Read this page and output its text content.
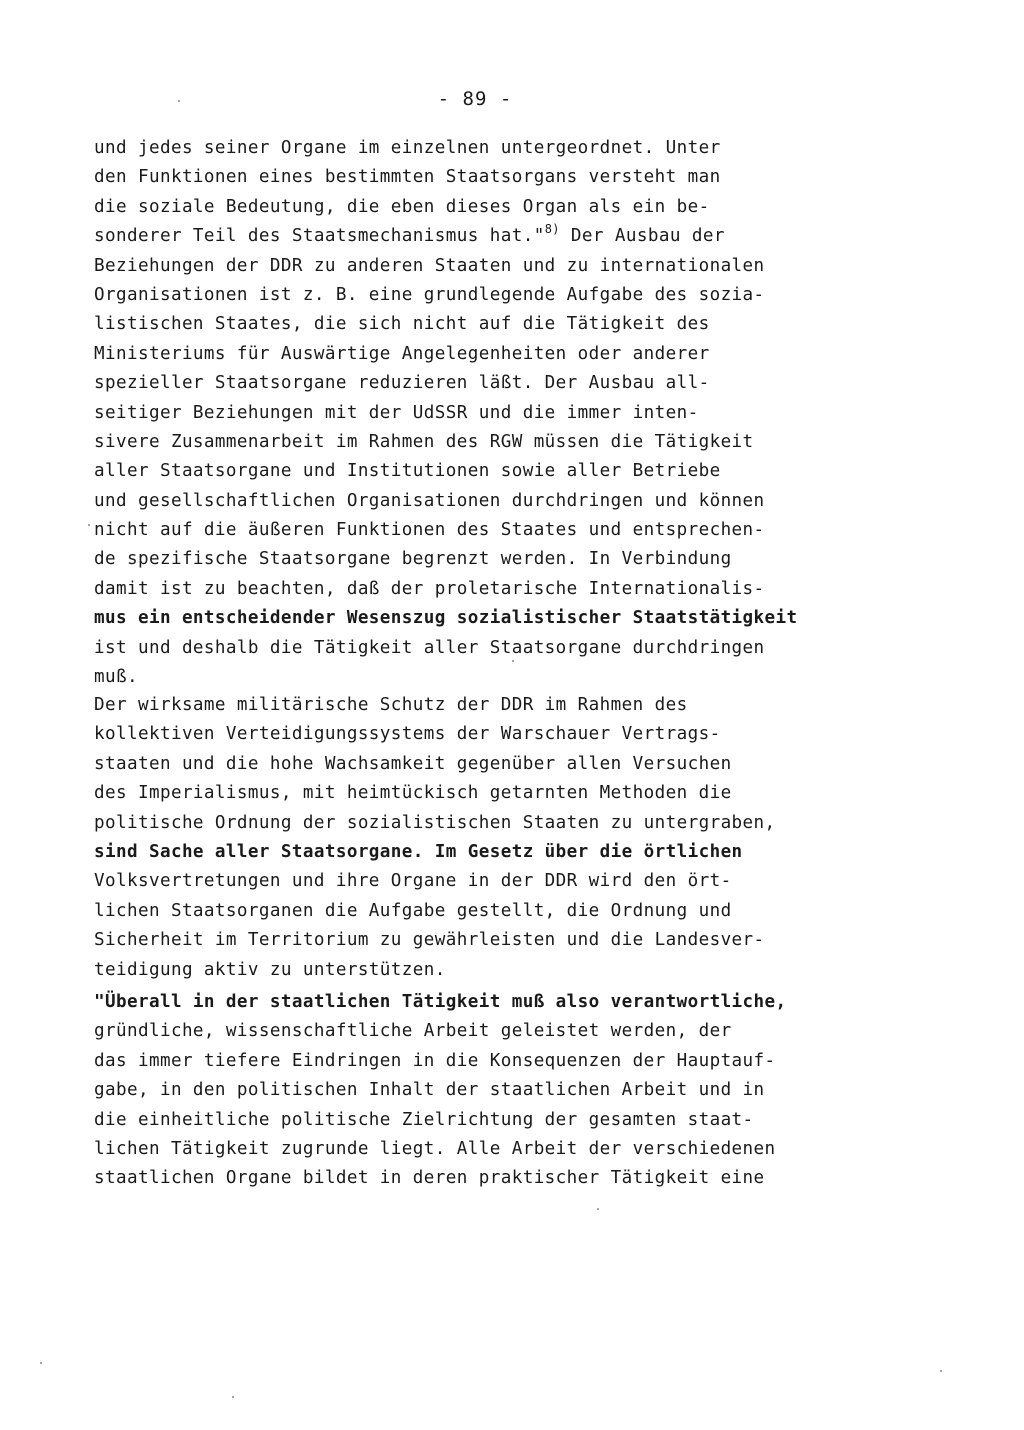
- 89 -
und jedes seiner Organe im einzelnen untergeordnet. Unter
den Funktionen eines bestimmten Staatsorgans versteht man
die soziale Bedeutung, die eben dieses Organ als ein be-
sonderer Teil des Staatsmechanismus hat."$^{8)}$ Der Ausbau der
Beziehungen der DDR zu anderen Staaten und zu internationalen
Organisationen ist z. B. eine grundlegende Aufgabe des sozia-
listischen Staates, die sich nicht auf die Tätigkeit des
Ministeriums für Auswärtige Angelegenheiten oder anderer
spezieller Staatsorgane reduzieren läßt. Der Ausbau all-
seitiger Beziehungen mit der UdSSR und die immer inten-
sivere Zusammenarbeit im Rahmen des RGW müssen die Tätigkeit
aller Staatsorgane und Institutionen sowie aller Betriebe
und gesellschaftlichen Organisationen durchdringen und können
nicht auf die äußeren Funktionen des Staates und entsprechen-
de spezifische Staatsorgane begrenzt werden. In Verbindung
damit ist zu beachten, daß der proletarische Internationalis-
mus ein entscheidender Wesenszug sozialistischer Staatstätigkeit
ist und deshalb die Tätigkeit aller Staatsorgane durchdringen
muß.
Der wirksame militärische Schutz der DDR im Rahmen des
kollektiven Verteidigungssystems der Warschauer Vertrags-
staaten und die hohe Wachsamkeit gegenüber allen Versuchen
des Imperialismus, mit heimtückisch getarnten Methoden die
politische Ordnung der sozialistischen Staaten zu untergraben,
sind Sache aller Staatsorgane. Im Gesetz über die örtlichen
Volksvertretungen und ihre Organe in der DDR wird den ört-
lichen Staatsorganen die Aufgabe gestellt, die Ordnung und
Sicherheit im Territorium zu gewährleisten und die Landesver-
teidigung aktiv zu unterstützen.
"Überall in der staatlichen Tätigkeit muß also verantwortliche,
gründliche, wissenschaftliche Arbeit geleistet werden, der
das immer tiefere Eindringen in die Konsequenzen der Hauptauf-
gabe, in den politischen Inhalt der staatlichen Arbeit und in
die einheitliche politische Zielrichtung der gesamten staat-
lichen Tätigkeit zugrunde liegt. Alle Arbeit der verschiedenen
staatlichen Organe bildet in deren praktischer Tätigkeit eine
